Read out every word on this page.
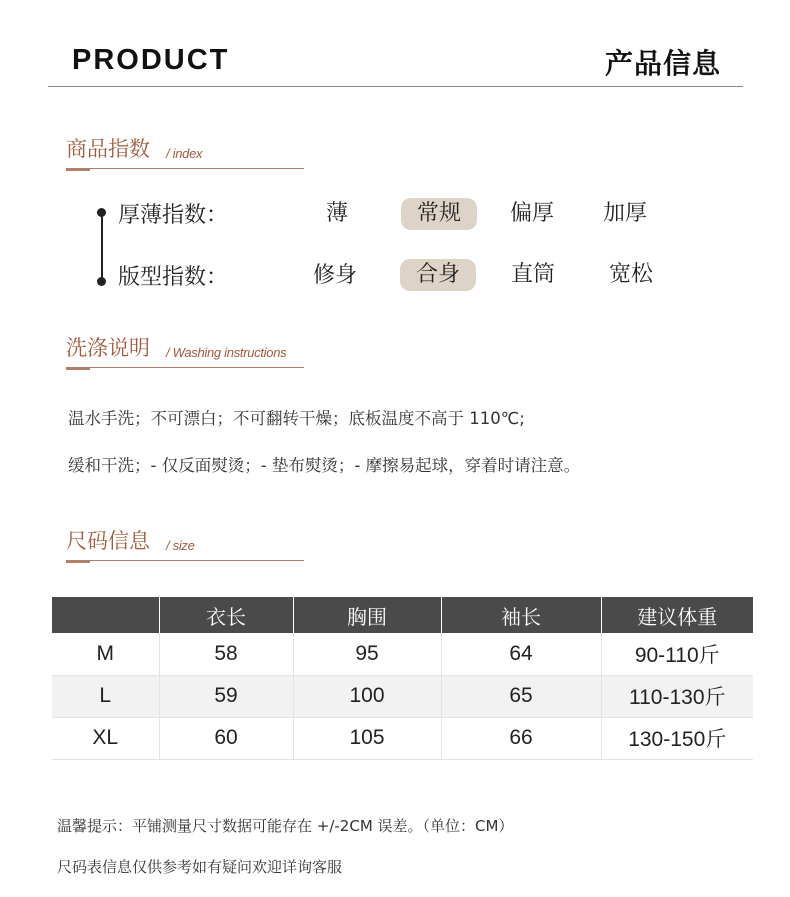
PRODUCT	产品信息
商品指数 / index
厚薄指数：	薄	常规	偏厚	加厚
版型指数：	修身	合身	直筒	宽松
洗涤说明 / Washing instructions
温水手洗；不可漂白；不可翻转干燥；底板温度不高于 110℃;
缓和干洗；- 仅反面熨烫；- 垫布熨烫；- 摩擦易起球，穿着时请注意。
尺码信息 / size
	衣长	胸围	袖长	建议体重
M	58	95	64	90-110斤
L	59	100	65	110-130斤
XL	60	105	66	130-150斤
温馨提示：平铺测量尺寸数据可能存在 +/-2CM 误差。（单位：CM）
尺码表信息仅供参考如有疑问欢迎详询客服
